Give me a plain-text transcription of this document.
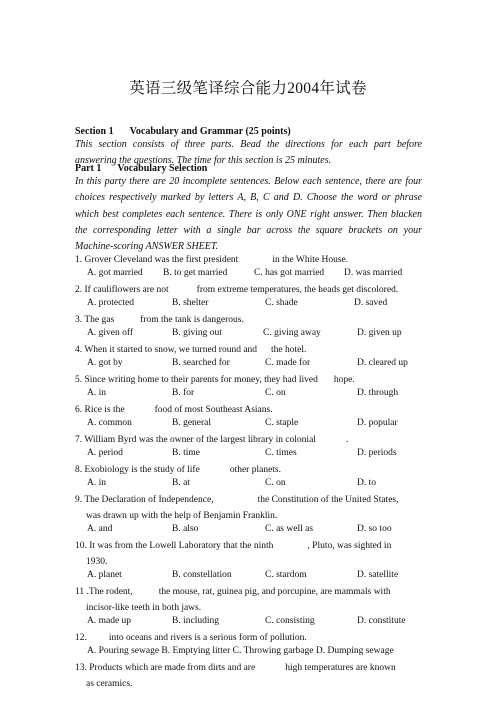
英语三级笔译综合能力2004年试卷
Section 1 Vocabulary and Grammar (25 points)
This section consists of three parts. Bead the directions for each part before answering the questions. The time for this section is 25 minutes.
Part 1 Vocabulary Selection
In this party there are 20 incomplete sentences. Below each sentence, there are four choices respectively marked by letters A, B, C and D. Choose the word or phrase which best completes each sentence. There is only ONE right answer. Then blacken the corresponding letter with a single bar across the square brackets on your Machine-scoring ANSWER SHEET.
1. Grover Cleveland was the first president	in the White House.
A. got married B. to get married	C. has got married D. was married
2. If cauliflowers are not	from extreme temperatures, the heads get discolored.
A. protected	B. shelter	C. shade	D. saved
3. The gas	from the tank is dangerous.
A. given off	B. giving out	C. giving away	D. given up
4. When it started to snow, we turned round and the hotel.
A. got by	B. searched for	C. made for	D. cleared up
5. Since writing home to their parents for money, they had lived hope.
A. in	B. for	C. on	D. through
6. Rice is the	food of most Southeast Asians.
A. common	B. general	C. staple	D. popular
7. William Byrd was the owner of the largest library in colonial	.
A. period	B. time	C. times	D. periods
8. Exobiology is the study of life	other planets.
A. in	B. at	C. on	D. to
9. The Declaration of Independence,	the Constitution of the United States,
was drawn up with the help of Benjamin Franklin.
A. and	B. also	C. as well as	D. so too
10. It was from the Lowell Laboratory that the ninth	, Pluto, was sighted in
1930.
A. planet	B. constellation	C. stardom	D. satellite
11 .The rodent,	the mouse, rat, guinea pig, and porcupine, are mammals with
incisor-like teeth in both jaws.
A. made up	B. including	C. consisting	D. constitute
12. into oceans and rivers is a serious form of pollution.
A. Pouring sewage B. Emptying litter C. Throwing garbage D. Dumping sewage
13. Products which are made from dirts and are	high temperatures are known
as ceramics.
